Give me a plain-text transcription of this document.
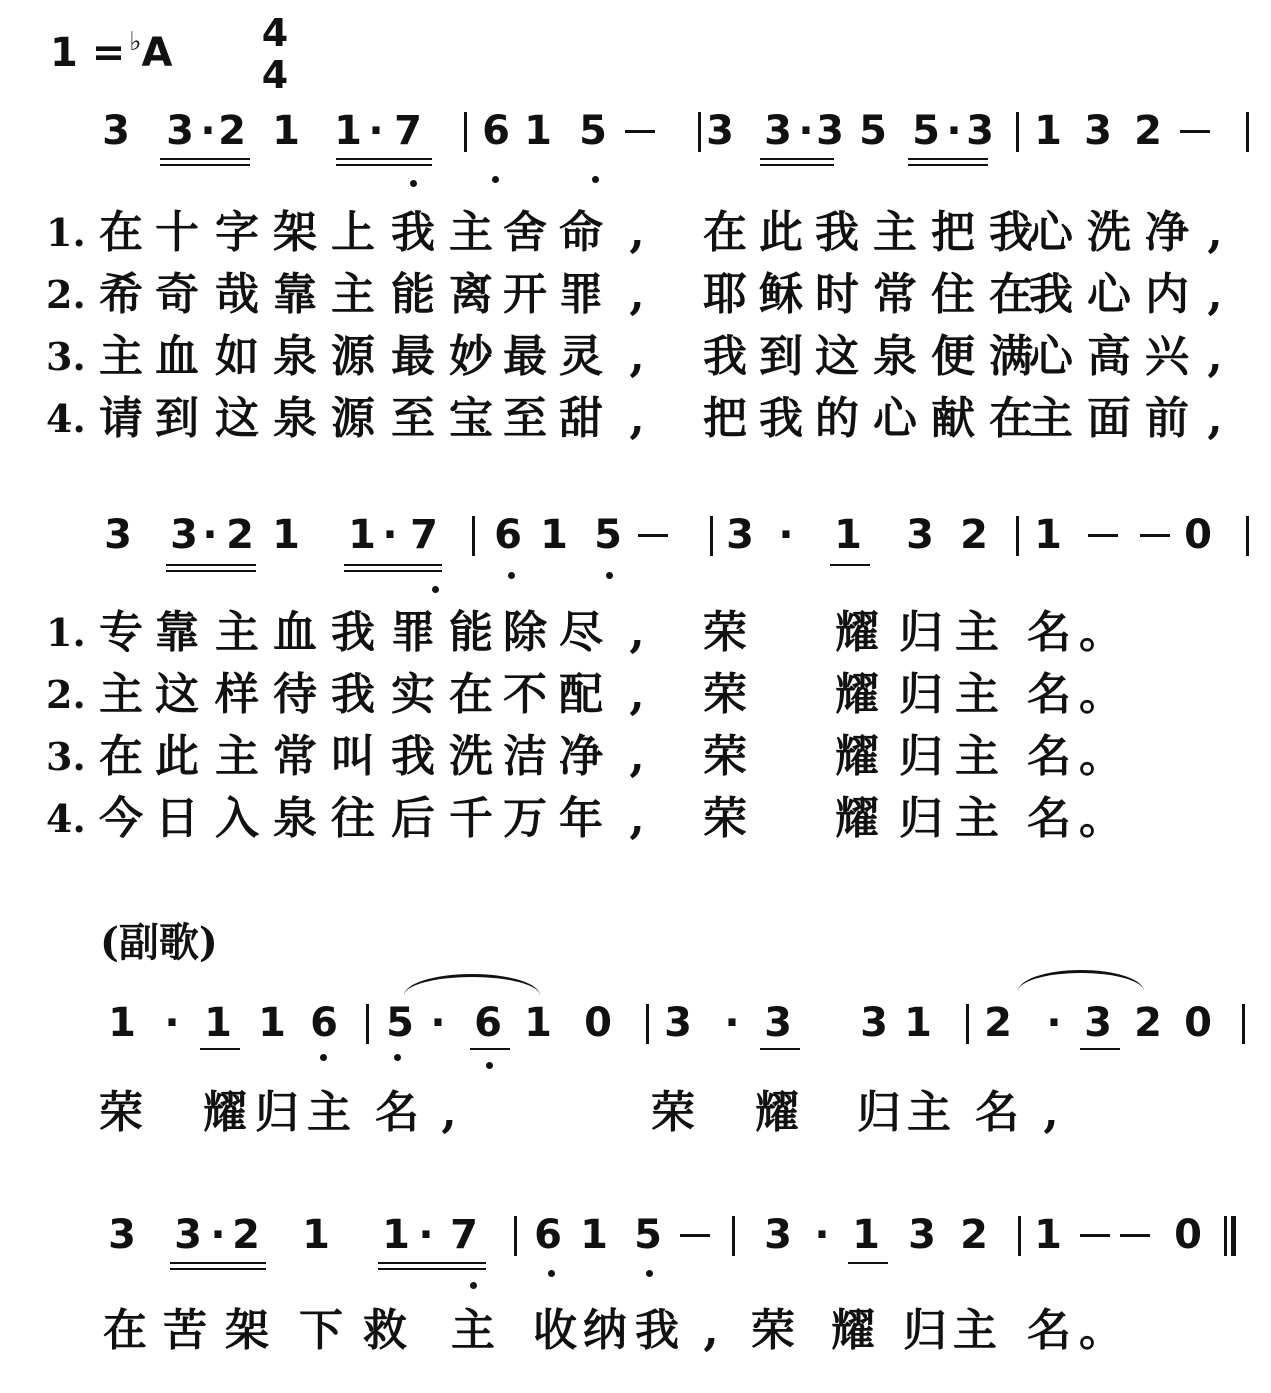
1 = ♭A 4
4
3 3 · 2 1 1 · 7 6 1 5 3 3 · 3 5 5 · 3 1 3 2
1. 在 十 字 架 上 我 主 舍 命 ,	在 此 我 主 把 我
心 洗 净 ,
2. 希 奇 哉 靠 主 能 离 开 罪 ,	耶 稣 时 常 住 在
我 心 内 ,
3. 主 血 如 泉 源 最 妙 最 灵 ,	我 到 这 泉 便 满
心 高 兴 ,
4. 请 到 这 泉 源 至 宝 至 甜 ,	把 我 的 心 献 在
主 面 前 ,
3 3 · 2 1 1 · 7 6 1 5	3 · 1 3 2 1	0
1. 专 靠 主 血 我 罪 能 除 尽 ,	荣 耀 归 主 名 。
2. 主 这 样 待 我 实 在 不 配 ,	荣 耀 归 主 名 。
3. 在 此 主 常 叫 我 洗 洁 净 ,	荣 耀 归 主 名 。
4. 今 日 入 泉 往 后 千 万 年 ,	荣 耀 归 主 名 。
(副歌)
1 · 1 1 6 5 · 6 1 0 3 · 3 3 1 2 · 3 2 0
荣 耀 归 主 名 ,	荣 耀 归 主 名 ,
3 3 · 2 1 1 · 7 6 1 5	3 · 1 3 2 1	0
在 苦 架 下 救 主 收 纳 我 , 荣 耀 归 主 名 。
